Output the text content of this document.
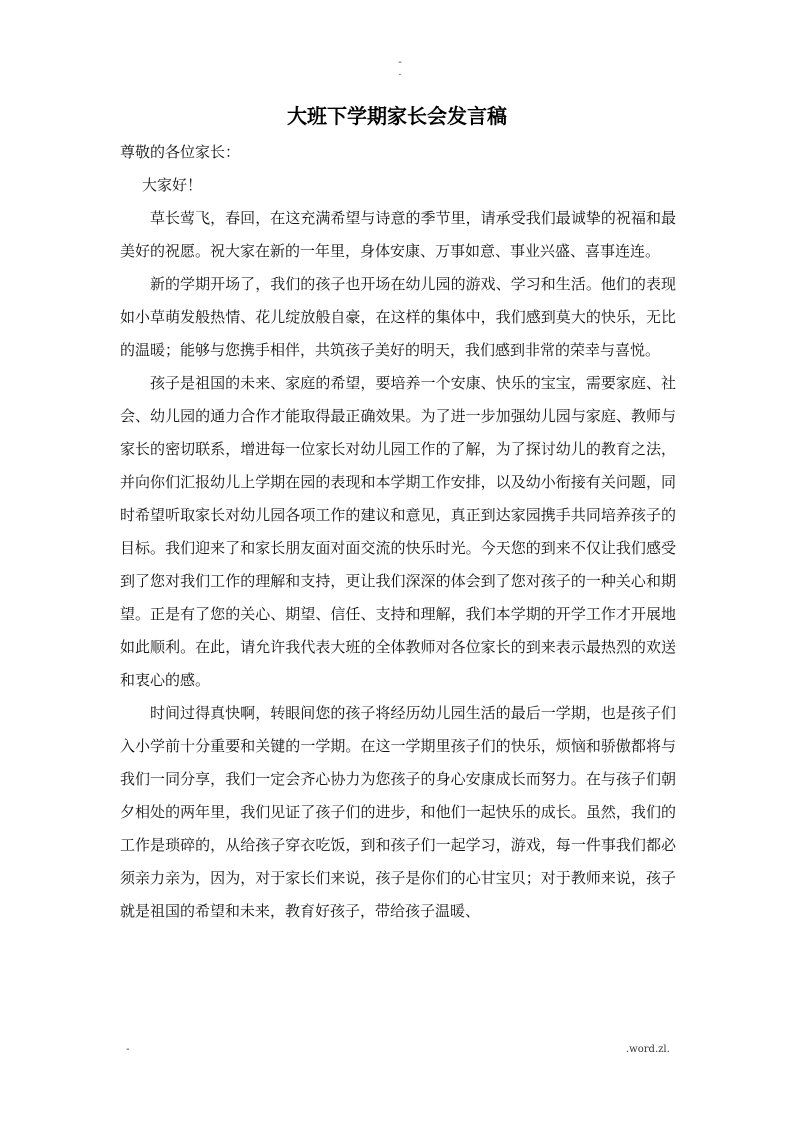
-
.
大班下学期家长会发言稿

尊敬的各位家长：

大家好！

草长莺飞，春回，在这充满希望与诗意的季节里，请承受我们最诚挚的祝福和最美好的祝愿。祝大家在新的一年里，身体安康、万事如意、事业兴盛、喜事连连。

新的学期开场了，我们的孩子也开场在幼儿园的游戏、学习和生活。他们的表现如小草萌发般热情、花儿绽放般自豪，在这样的集体中，我们感到莫大的快乐，无比的温暖；能够与您携手相伴，共筑孩子美好的明天，我们感到非常的荣幸与喜悦。

孩子是祖国的未来、家庭的希望，要培养一个安康、快乐的宝宝，需要家庭、社会、幼儿园的通力合作才能取得最正确效果。为了进一步加强幼儿园与家庭、教师与家长的密切联系，增进每一位家长对幼儿园工作的了解，为了探讨幼儿的教育之法，并向你们汇报幼儿上学期在园的表现和本学期工作安排，以及幼小衔接有关问题，同时希望听取家长对幼儿园各项工作的建议和意见，真正到达家园携手共同培养孩子的目标。我们迎来了和家长朋友面对面交流的快乐时光。今天您的到来不仅让我们感受到了您对我们工作的理解和支持，更让我们深深的体会到了您对孩子的一种关心和期望。正是有了您的关心、期望、信任、支持和理解，我们本学期的开学工作才开展地如此顺利。在此，请允许我代表大班的全体教师对各位家长的到来表示最热烈的欢送和衷心的感。

时间过得真快啊，转眼间您的孩子将经历幼儿园生活的最后一学期，也是孩子们入小学前十分重要和关键的一学期。在这一学期里孩子们的快乐，烦恼和骄傲都将与我们一同分享，我们一定会齐心协力为您孩子的身心安康成长而努力。在与孩子们朝夕相处的两年里，我们见证了孩子们的进步，和他们一起快乐的成长。虽然，我们的工作是琐碎的，从给孩子穿衣吃饭，到和孩子们一起学习，游戏，每一件事我们都必须亲力亲为，因为，对于家长们来说，孩子是你们的心甘宝贝；对于教师来说，孩子就是祖国的希望和未来，教育好孩子，带给孩子温暖、

-	.word.zl.
